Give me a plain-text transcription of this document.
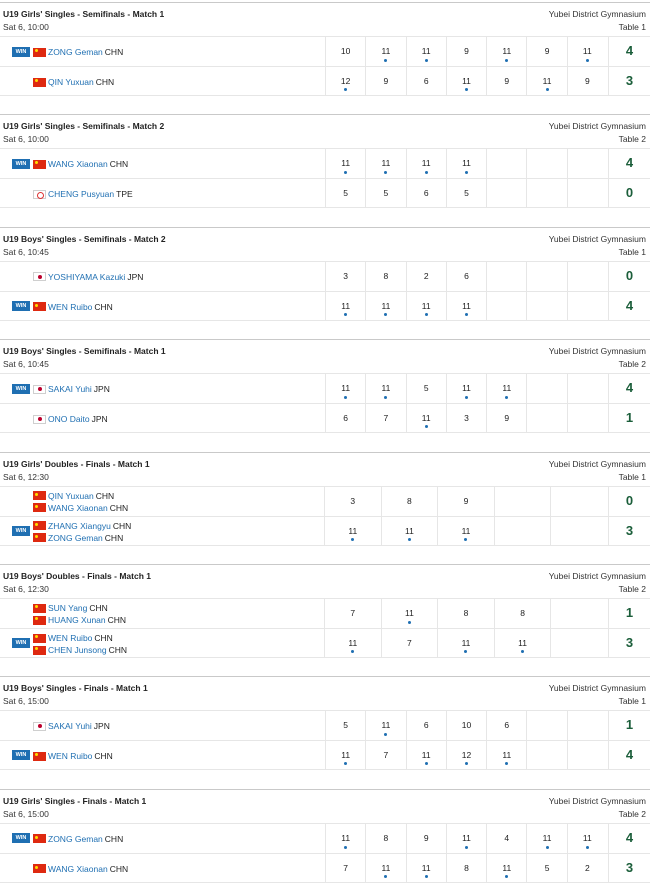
U19 Girls' Singles - Semifinals - Match 1
Sat 6, 10:00
Yubei District Gymnasium
Table 1
WIN	ZONG Geman CHN	10	11	11	9	11	9	11	4
QIN Yuxuan CHN	12	9	6	11	9	11	9	3
U19 Girls' Singles - Semifinals - Match 2
Sat 6, 10:00
Yubei District Gymnasium
Table 2
WIN	WANG Xiaonan CHN	11	11	11	11	4
CHENG Pusyuan TPE	5	5	6	5	0
U19 Boys' Singles - Semifinals - Match 2
Sat 6, 10:45
Yubei District Gymnasium
Table 1
YOSHIYAMA Kazuki JPN	3	8	2	6	0
WIN	WEN Ruibo CHN	11	11	11	11	4
U19 Boys' Singles - Semifinals - Match 1
Sat 6, 10:45
Yubei District Gymnasium
Table 2
WIN	SAKAI Yuhi JPN	11	11	5	11	11	4
ONO Daito JPN	6	7	11	3	9	1
U19 Girls' Doubles - Finals - Match 1
Sat 6, 12:30
Yubei District Gymnasium
Table 1
QIN Yuxuan CHN
WANG Xiaonan CHN
3	8	9	0
WIN	ZHANG Xiangyu CHN
ZONG Geman CHN
11	11	11	3
U19 Boys' Doubles - Finals - Match 1
Sat 6, 12:30
Yubei District Gymnasium
Table 2
SUN Yang CHN
HUANG Xunan CHN
7	11	8	8	1
WIN	WEN Ruibo CHN
CHEN Junsong CHN
11	7	11	11	3
U19 Boys' Singles - Finals - Match 1
Sat 6, 15:00
Yubei District Gymnasium
Table 1
SAKAI Yuhi JPN	5	11	6	10	6	1
WIN	WEN Ruibo CHN	11	7	11	12	11	4
U19 Girls' Singles - Finals - Match 1
Sat 6, 15:00
Yubei District Gymnasium
Table 2
WIN	ZONG Geman CHN	11	8	9	11	4	11	11	4
WANG Xiaonan CHN	7	11	11	8	11	5	2	3
